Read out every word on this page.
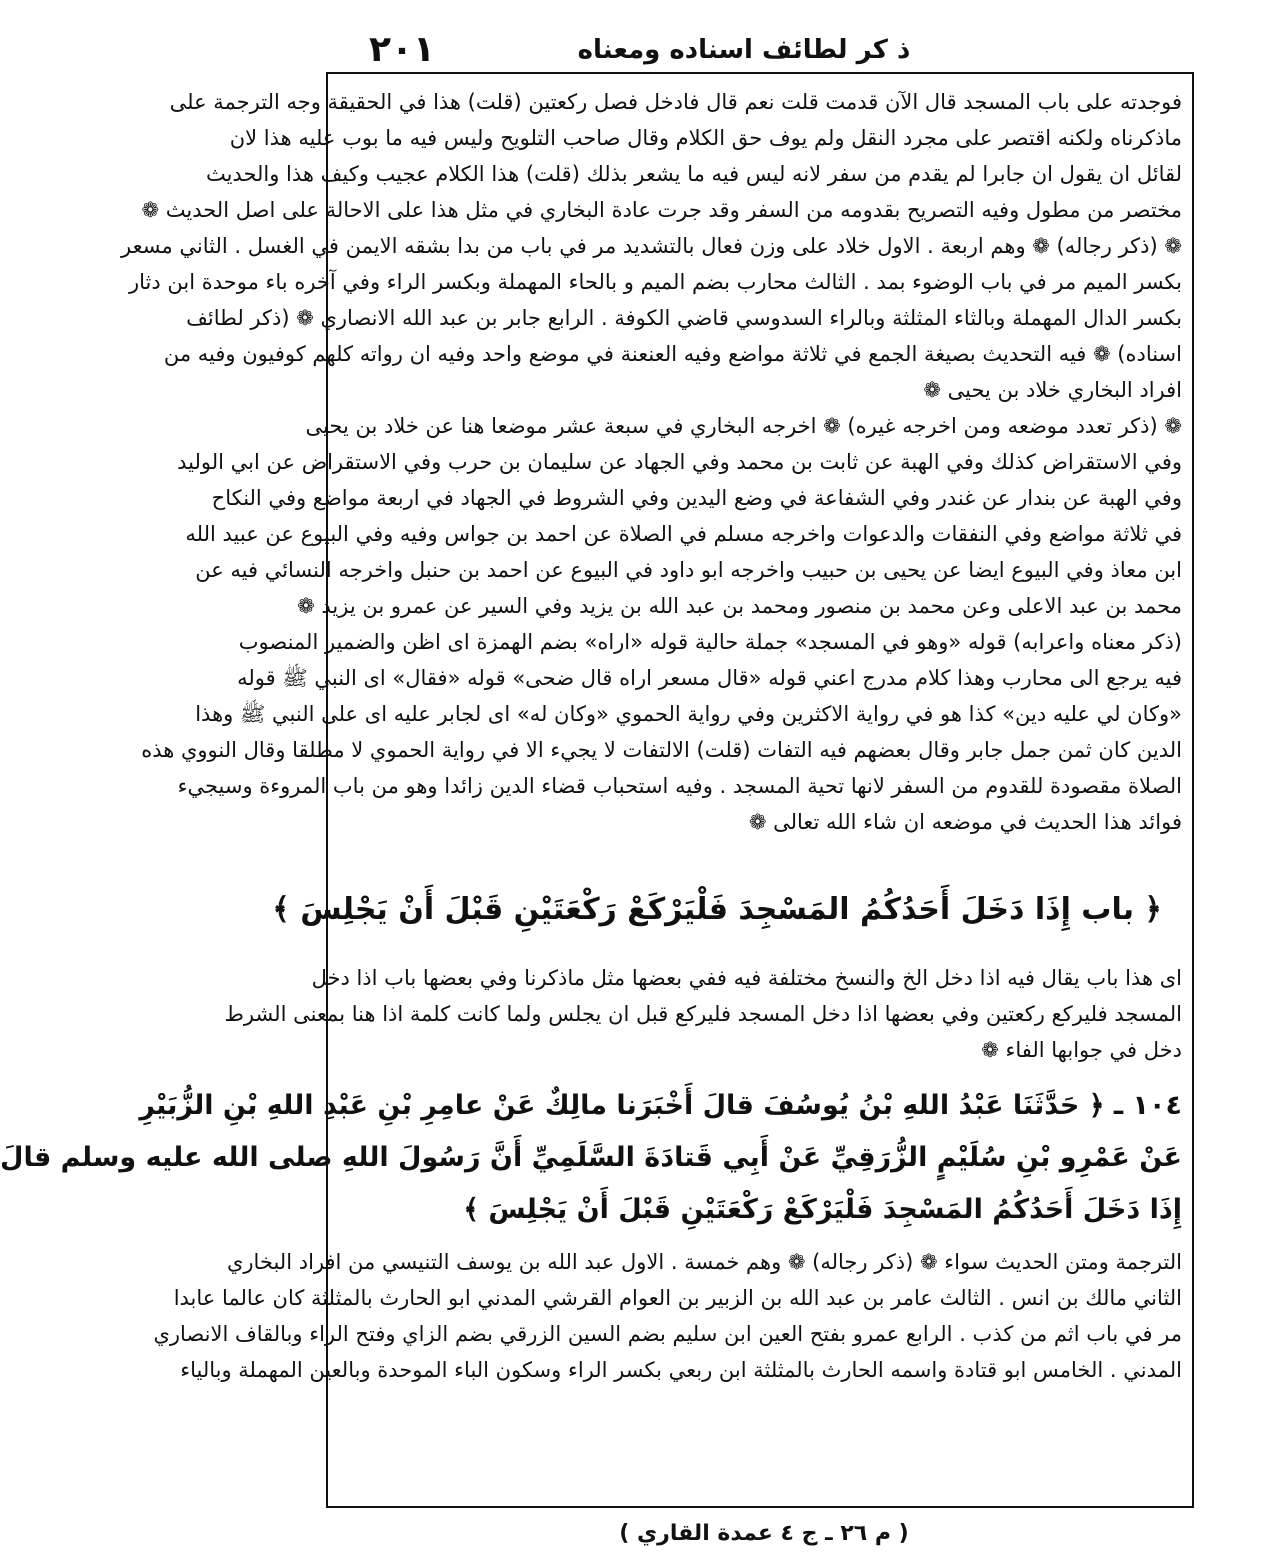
٢٠١	ذ كر لطائف اسناده ومعناه
فوجدته على باب المسجد قال الآن قدمت قلت نعم قال فادخل فصل ركعتين (قلت) هذا في الحقيقة وجه الترجمة على
ماذكرناه ولكنه اقتصر على مجرد النقل ولم يوف حق الكلام وقال صاحب التلويح وليس فيه ما بوب عليه هذا لان
لقائل ان يقول ان جابرا لم يقدم من سفر لانه ليس فيه ما يشعر بذلك (قلت) هذا الكلام عجيب وكيف هذا والحديث
مختصر من مطول وفيه التصريح بقدومه من السفر وقد جرت عادة البخاري في مثل هذا على الاحالة على اصل الحديث ❁
❁ (ذكر رجاله) ❁ وهم اربعة . الاول خلاد على وزن فعال بالتشديد مر في باب من بدا بشقه الايمن في الغسل . الثاني مسعر
بكسر الميم مر في باب الوضوء بمد . الثالث محارب بضم الميم و بالحاء المهملة وبكسر الراء وفي آخره باء موحدة ابن دثار
بكسر الدال المهملة وبالثاء المثلثة وبالراء السدوسي قاضي الكوفة . الرابع جابر بن عبد الله الانصاري ❁ (ذكر لطائف
اسناده) ❁ فيه التحديث بصيغة الجمع في ثلاثة مواضع وفيه العنعنة في موضع واحد وفيه ان رواته كلهم كوفيون وفيه من
افراد البخاري خلاد بن يحيى ❁
❁ (ذكر تعدد موضعه ومن اخرجه غيره) ❁ اخرجه البخاري في سبعة عشر موضعا هنا عن خلاد بن يحيى
وفي الاستقراض كذلك وفي الهبة عن ثابت بن محمد وفي الجهاد عن سليمان بن حرب وفي الاستقراض عن ابي الوليد
وفي الهبة عن بندار عن غندر وفي الشفاعة في وضع اليدين وفي الشروط في الجهاد في اربعة مواضع وفي النكاح
في ثلاثة مواضع وفي النفقات والدعوات واخرجه مسلم في الصلاة عن احمد بن جواس وفيه وفي البيوع عن عبيد الله
ابن معاذ وفي البيوع ايضا عن يحيى بن حبيب واخرجه ابو داود في البيوع عن احمد بن حنبل واخرجه النسائي فيه عن
محمد بن عبد الاعلى وعن محمد بن منصور ومحمد بن عبد الله بن يزيد وفي السير عن عمرو بن يزيد ❁
(ذكر معناه واعرابه) قوله «وهو في المسجد» جملة حالية قوله «اراه» بضم الهمزة اى اظن والضمير المنصوب
فيه يرجع الى محارب وهذا كلام مدرج اعني قوله «قال مسعر اراه قال ضحى» قوله «فقال» اى النبي ﷺ قوله
«وكان لي عليه دين» كذا هو في رواية الاكثرين وفي رواية الحموي «وكان له» اى لجابر عليه اى على النبي ﷺ وهذا
الدين كان ثمن جمل جابر وقال بعضهم فيه التفات (قلت) الالتفات لا يجيء الا في رواية الحموي لا مطلقا وقال النووي هذه
الصلاة مقصودة للقدوم من السفر لانها تحية المسجد . وفيه استحباب قضاء الدين زائدا وهو من باب المروءة وسيجيء
فوائد هذا الحديث في موضعه ان شاء الله تعالى ❁
﴿ باب إِذَا دَخَلَ أَحَدُكُمُ المَسْجِدَ فَلْيَرْكَعْ رَكْعَتَيْنِ قَبْلَ أَنْ يَجْلِسَ ﴾
اى هذا باب يقال فيه اذا دخل الخ والنسخ مختلفة فيه ففي بعضها مثل ماذكرنا وفي بعضها باب اذا دخل
المسجد فليركع ركعتين وفي بعضها اذا دخل المسجد فليركع قبل ان يجلس ولما كانت كلمة اذا هنا بمعنى الشرط
دخل في جوابها الفاء ❁
١٠٤ ـ ﴿ حَدَّثَنَا عَبْدُ اللهِ بْنُ يُوسُفَ قالَ أَخْبَرَنا مالِكٌ عَنْ عامِرِ بْنِ عَبْدِ اللهِ بْنِ الزُّبَيْرِ
عَنْ عَمْرِو بْنِ سُلَيْمٍ الزُّرَقِيِّ عَنْ أَبِي قَتادَةَ السَّلَمِيِّ أَنَّ رَسُولَ اللهِ صلى الله عليه وسلم قالَ
إِذَا دَخَلَ أَحَدُكُمُ المَسْجِدَ فَلْيَرْكَعْ رَكْعَتَيْنِ قَبْلَ أَنْ يَجْلِسَ ﴾
الترجمة ومتن الحديث سواء ❁ (ذكر رجاله) ❁ وهم خمسة . الاول عبد الله بن يوسف التنيسي من افراد البخاري
الثاني مالك بن انس . الثالث عامر بن عبد الله بن الزبير بن العوام القرشي المدني ابو الحارث بالمثلثة كان عالما عابدا
مر في باب اثم من كذب . الرابع عمرو بفتح العين ابن سليم بضم السين الزرقي بضم الزاي وفتح الراء وبالقاف الانصاري
المدني . الخامس ابو قتادة واسمه الحارث بالمثلثة ابن ربعي بكسر الراء وسكون الباء الموحدة وبالعين المهملة وبالياء
( م ٢٦ ـ ج ٤ عمدة القاري )
